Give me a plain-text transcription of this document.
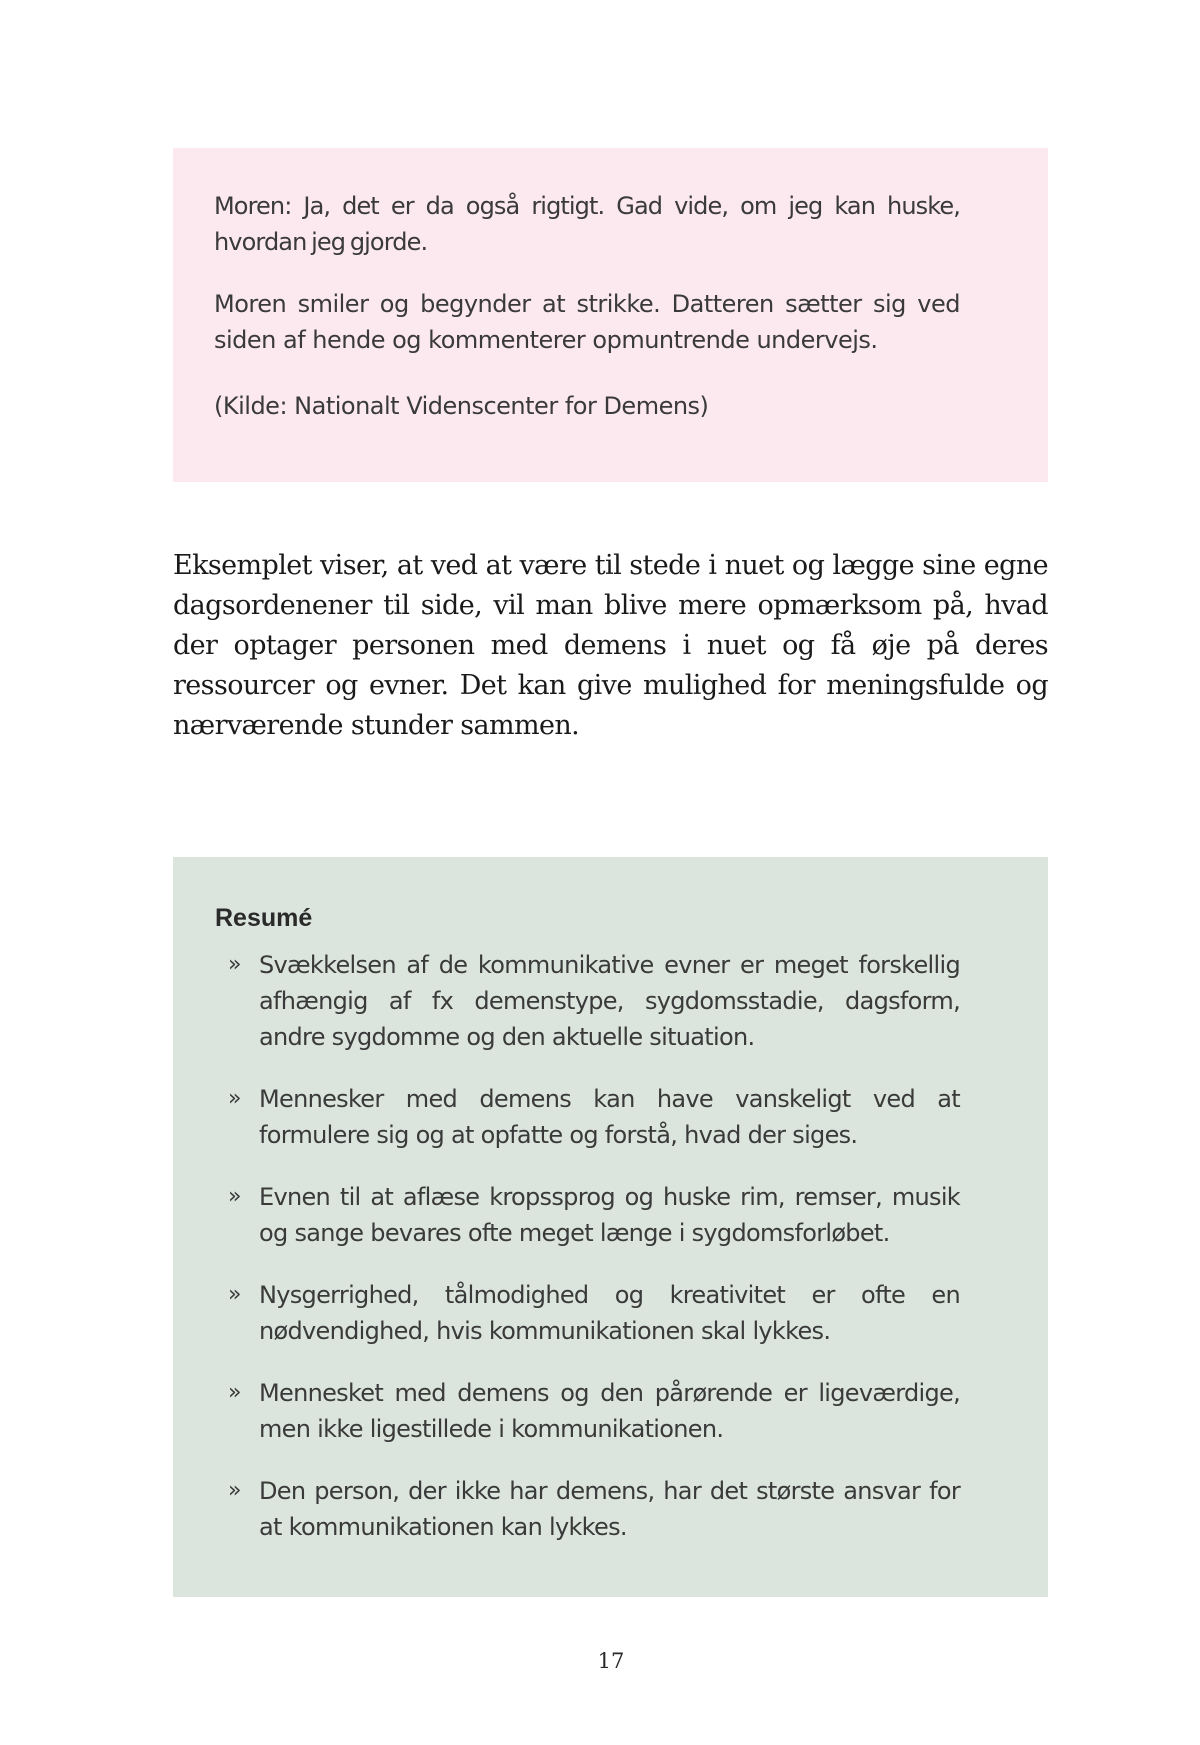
Moren: Ja, det er da også rigtigt. Gad vide, om jeg kan huske, hvordan jeg gjorde.

Moren smiler og begynder at strikke. Datteren sætter sig ved siden af hende og kommenterer opmuntrende undervejs.

(Kilde: Nationalt Videnscenter for Demens)

Eksemplet viser, at ved at være til stede i nuet og lægge sine egne dagsordenener til side, vil man blive mere opmærksom på, hvad der optager personen med demens i nuet og få øje på deres ressourcer og evner. Det kan give mulighed for meningsfulde og nærværende stunder sammen.

Resumé
» Svækkelsen af de kommunikative evner er meget forskellig afhængig af fx demenstype, sygdomsstadie, dagsform, andre sygdomme og den aktuelle situation.
» Mennesker med demens kan have vanskeligt ved at formulere sig og at opfatte og forstå, hvad der siges.
» Evnen til at aflæse kropssprog og huske rim, remser, musik og sange bevares ofte meget længe i sygdomsforløbet.
» Nysgerrighed, tålmodighed og kreativitet er ofte en nødvendighed, hvis kommunikationen skal lykkes.
» Mennesket med demens og den pårørende er ligeværdige, men ikke ligestillede i kommunikationen.
» Den person, der ikke har demens, har det største ansvar for at kommunikationen kan lykkes.
17
